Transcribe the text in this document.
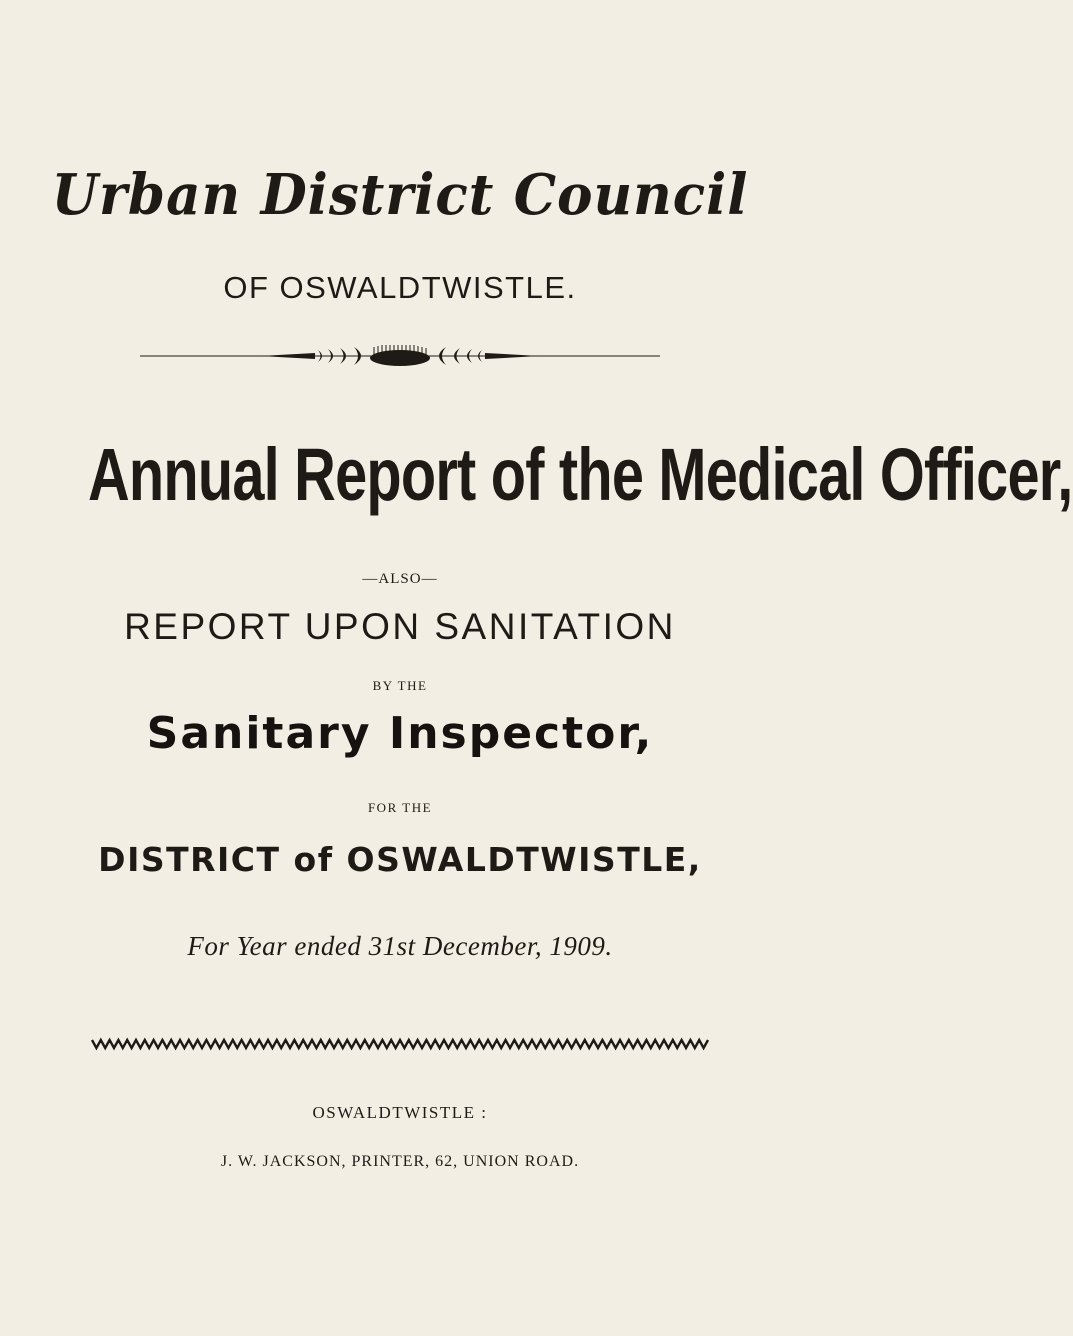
Urban District Council
OF OSWALDTWISTLE.
Annual Report of the Medical Officer,
—ALSO—
REPORT UPON SANITATION
BY THE
Sanitary Inspector,
FOR THE
DISTRICT of OSWALDTWISTLE,
For Year ended 31st December, 1909.
OSWALDTWISTLE :
J. W. JACKSON, PRINTER, 62, UNION ROAD.
